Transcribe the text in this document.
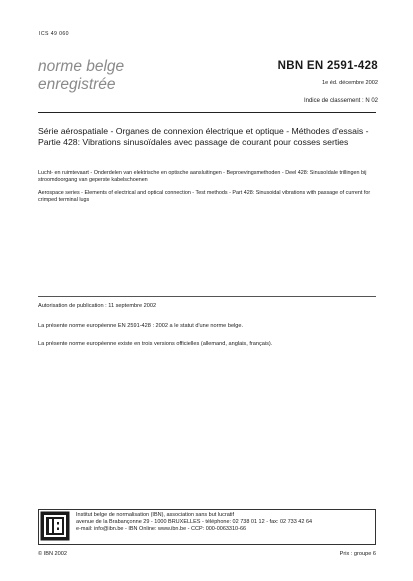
ICS 49 060
norme belge
enregistrée
NBN EN 2591-428
1e éd. décembre 2002
Indice de classement : N 02
Série aérospatiale - Organes de connexion électrique et optique - Méthodes d'essais - Partie 428: Vibrations sinusoïdales avec passage de courant pour cosses serties
Lucht- en ruimtevaart - Onderdelen van elektrische en optische aansluitingen - Beproevingsmethoden - Deel 428: Sinusoïdale trillingen bij stroomdoorgang van geperste kabelschoenen
Aerospace series - Elements of electrical and optical connection - Test methods - Part 428: Sinusoidal vibrations with passage of current for crimped terminal lugs
Autorisation de publication : 11 septembre 2002
La présente norme européenne EN 2591-428 : 2002 a le statut d'une norme belge.
La présente norme européenne existe en trois versions officielles (allemand, anglais, français).
Institut belge de normalisation (IBN), association sans but lucratif
avenue de la Brabançonne 29 - 1000 BRUXELLES - téléphone: 02 738 01 12 - fax: 02 733 42 64
e-mail: info@ibn.be - IBN Online: www.ibn.be - CCP: 000-0063310-66
© IBN 2002	Prix : groupe 6
